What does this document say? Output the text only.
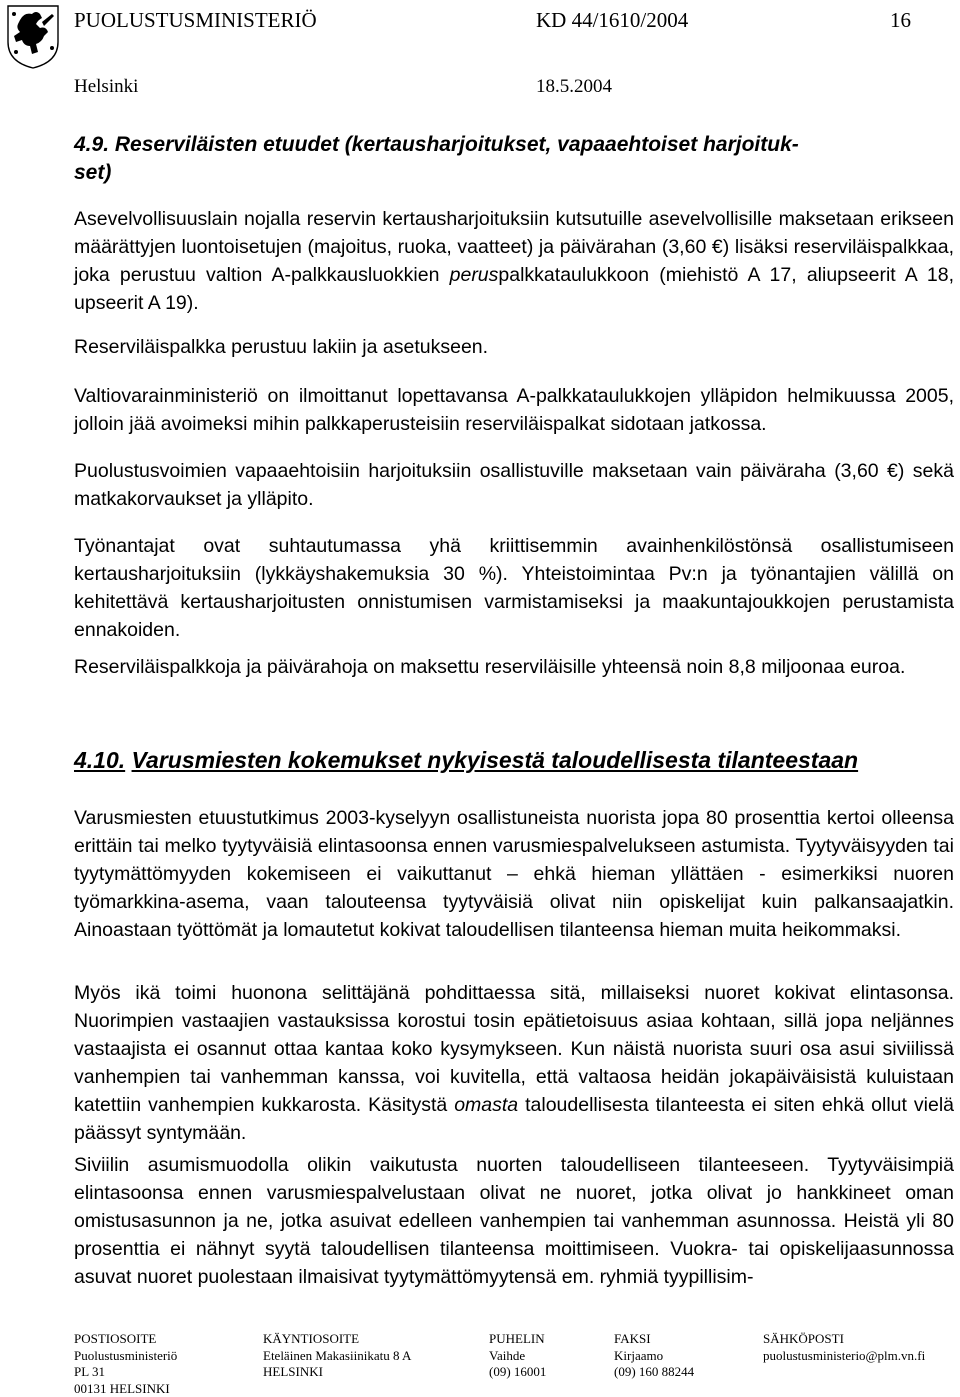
PUOLUSTUSMINISTERIÖ	KD 44/1610/2004	16
Helsinki	18.5.2004
4.9. Reserviläisten etuudet (kertausharjoitukset, vapaaehtoiset harjoituk-
set)

Asevelvollisuuslain nojalla reservin kertausharjoituksiin kutsutuille asevelvollisille maksetaan erikseen määrättyjen luontoisetujen (majoitus, ruoka, vaatteet) ja päivärahan (3,60 €) lisäksi reserviläispalkkaa, joka perustuu valtion A-palkkausluokkien peruspalkkataulukkoon (miehistö A 17, aliupseerit A 18, upseerit A 19).

Reserviläispalkka perustuu lakiin ja asetukseen.

Valtiovarainministeriö on ilmoittanut lopettavansa A-palkkataulukkojen ylläpidon helmikuussa 2005, jolloin jää avoimeksi mihin palkkaperusteisiin reserviläispalkat sidotaan jatkossa.

Puolustusvoimien vapaaehtoisiin harjoituksiin osallistuville maksetaan vain päiväraha (3,60 €) sekä matkakorvaukset ja ylläpito.

Työnantajat ovat suhtautumassa yhä kriittisemmin avainhenkilöstönsä osallistumiseen kertausharjoituksiin (lykkäyshakemuksia 30 %). Yhteistoimintaa Pv:n ja työnantajien välillä on kehitettävä kertausharjoitusten onnistumisen varmistamiseksi ja maakuntajoukkojen perustamista ennakoiden.

Reserviläispalkkoja ja päivärahoja on maksettu reserviläisille yhteensä noin 8,8 miljoonaa euroa.

4.10. Varusmiesten kokemukset nykyisestä taloudellisesta tilanteestaan

Varusmiesten etuustutkimus 2003-kyselyyn osallistuneista nuorista jopa 80 prosenttia kertoi olleensa erittäin tai melko tyytyväisiä elintasoonsa ennen varusmiespalvelukseen astumista. Tyytyväisyyden tai tyytymättömyyden kokemiseen ei vaikuttanut – ehkä hieman yllättäen - esimerkiksi nuoren työmarkkina-asema, vaan talouteensa tyytyväisiä olivat niin opiskelijat kuin palkansaajatkin. Ainoastaan työttömät ja lomautetut kokivat taloudellisen tilanteensa hieman muita heikommaksi.

Myös ikä toimi huonona selittäjänä pohdittaessa sitä, millaiseksi nuoret kokivat elintasonsa. Nuorimpien vastaajien vastauksissa korostui tosin epätietoisuus asiaa kohtaan, sillä jopa neljännes vastaajista ei osannut ottaa kantaa koko kysymykseen. Kun näistä nuorista suuri osa asui siviilissä vanhempien tai vanhemman kanssa, voi kuvitella, että valtaosa heidän jokapäiväisistä kuluistaan katettiin vanhempien kukkarosta. Käsitystä omasta taloudellisesta tilanteesta ei siten ehkä ollut vielä päässyt syntymään.

Siviilin asumismuodolla olikin vaikutusta nuorten taloudelliseen tilanteeseen. Tyytyväisimpiä elintasoonsa ennen varusmiespalvelustaan olivat ne nuoret, jotka olivat jo hankkineet oman omistusasunnon ja ne, jotka asuivat edelleen vanhempien tai vanhemman asunnossa. Heistä yli 80 prosenttia ei nähnyt syytä taloudellisen tilanteensa moittimiseen. Vuokra- tai opiskelijaasunnossa asuvat nuoret puolestaan ilmaisivat tyytymättömyytensä em. ryhmiä tyypillisim-

POSTIOSOITE
Puolustusministeriö
PL 31
00131 HELSINKI
KÄYNTIOSOITE
Eteläinen Makasiinikatu 8 A
HELSINKI
PUHELIN
Vaihde
(09) 16001
FAKSI
Kirjaamo
(09) 160 88244
SÄHKÖPOSTI
puolustusministerio@plm.vn.fi
